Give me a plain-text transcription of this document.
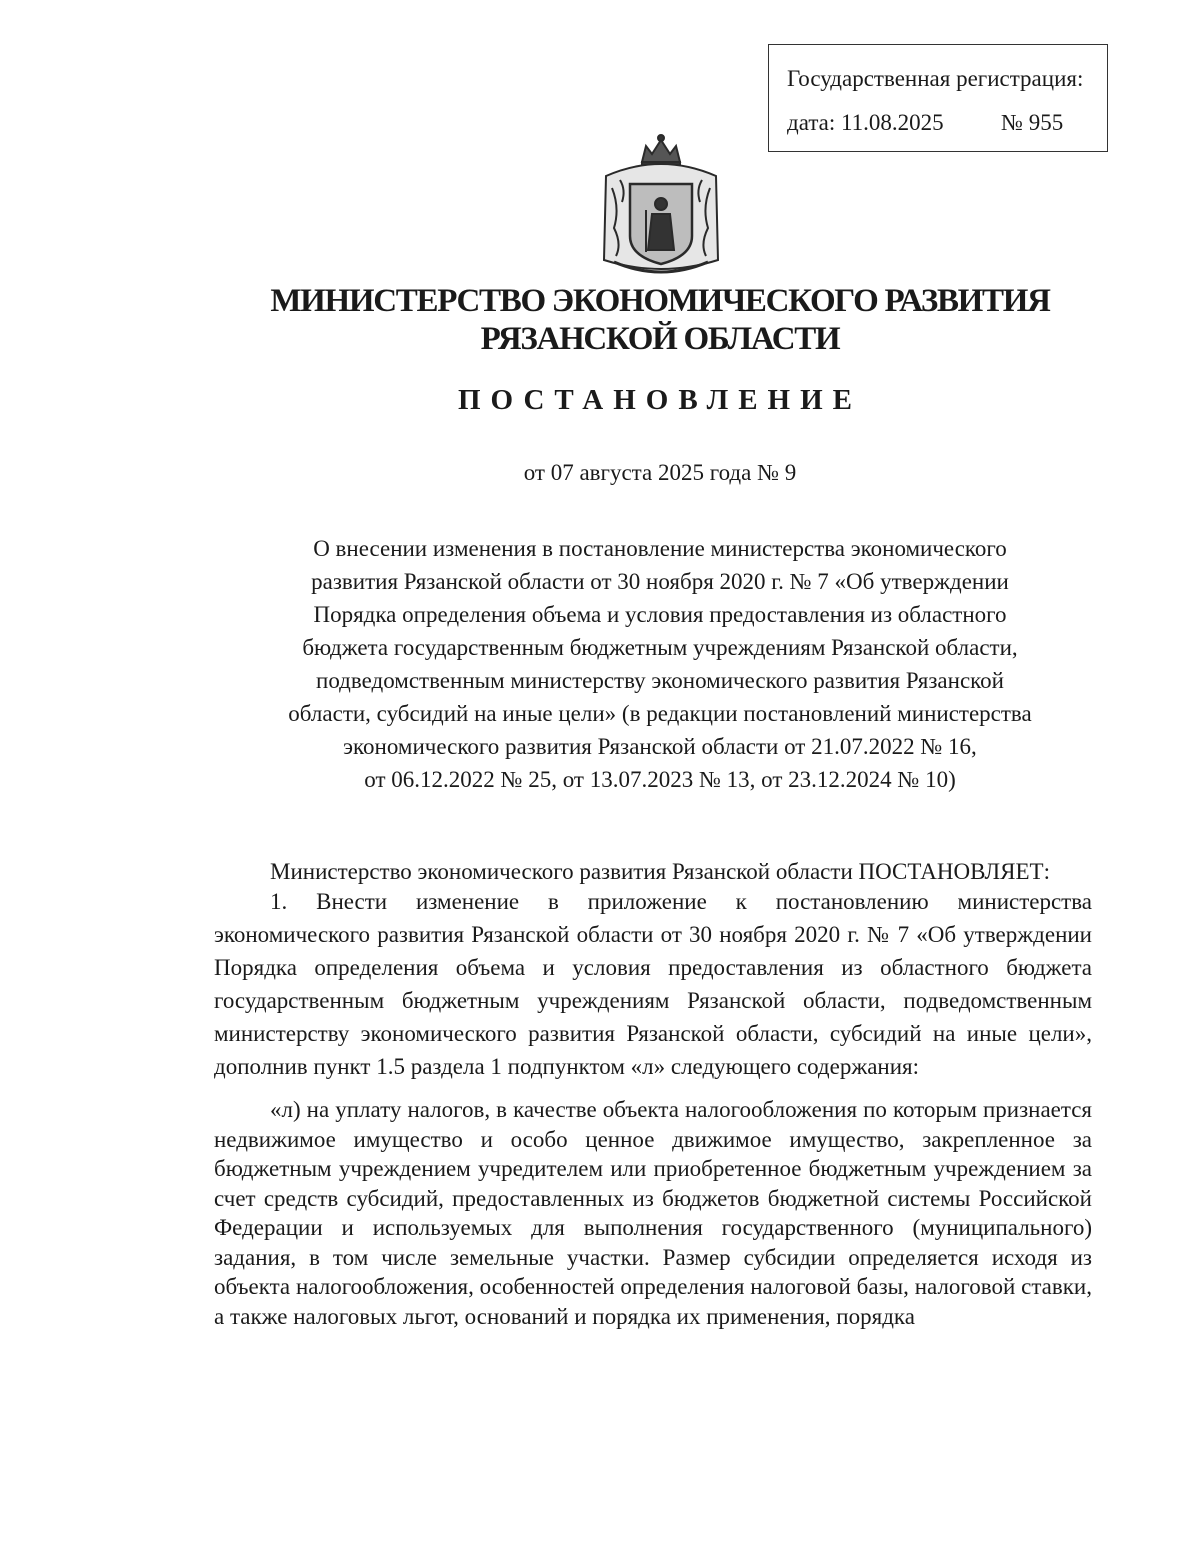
Государственная регистрация:
дата: 11.08.2025 № 955
МИНИСТЕРСТВО ЭКОНОМИЧЕСКОГО РАЗВИТИЯ
РЯЗАНСКОЙ ОБЛАСТИ
ПОСТАНОВЛЕНИЕ
от 07 августа 2025 года № 9
О внесении изменения в постановление министерства экономического
развития Рязанской области от 30 ноября 2020 г. № 7 «Об утверждении
Порядка определения объема и условия предоставления из областного
бюджета государственным бюджетным учреждениям Рязанской области,
подведомственным министерству экономического развития Рязанской
области, субсидий на иные цели» (в редакции постановлений министерства
экономического развития Рязанской области от 21.07.2022 № 16,
от 06.12.2022 № 25, от 13.07.2023 № 13, от 23.12.2024 № 10)

Министерство экономического развития Рязанской области ПОСТАНОВЛЯЕТ:

1. Внести изменение в приложение к постановлению министерства экономического развития Рязанской области от 30 ноября 2020 г. № 7 «Об утверждении Порядка определения объема и условия предоставления из областного бюджета государственным бюджетным учреждениям Рязанской области, подведомственным министерству экономического развития Рязанской области, субсидий на иные цели», дополнив пункт 1.5 раздела 1 подпунктом «л» следующего содержания:

«л) на уплату налогов, в качестве объекта налогообложения по которым признается недвижимое имущество и особо ценное движимое имущество, закрепленное за бюджетным учреждением учредителем или приобретенное бюджетным учреждением за счет средств субсидий, предоставленных из бюджетов бюджетной системы Российской Федерации и используемых для выполнения государственного (муниципального) задания, в том числе земельные участки. Размер субсидии определяется исходя из объекта налогообложения, особенностей определения налоговой базы, налоговой ставки, а также налоговых льгот, оснований и порядка их применения, порядка
